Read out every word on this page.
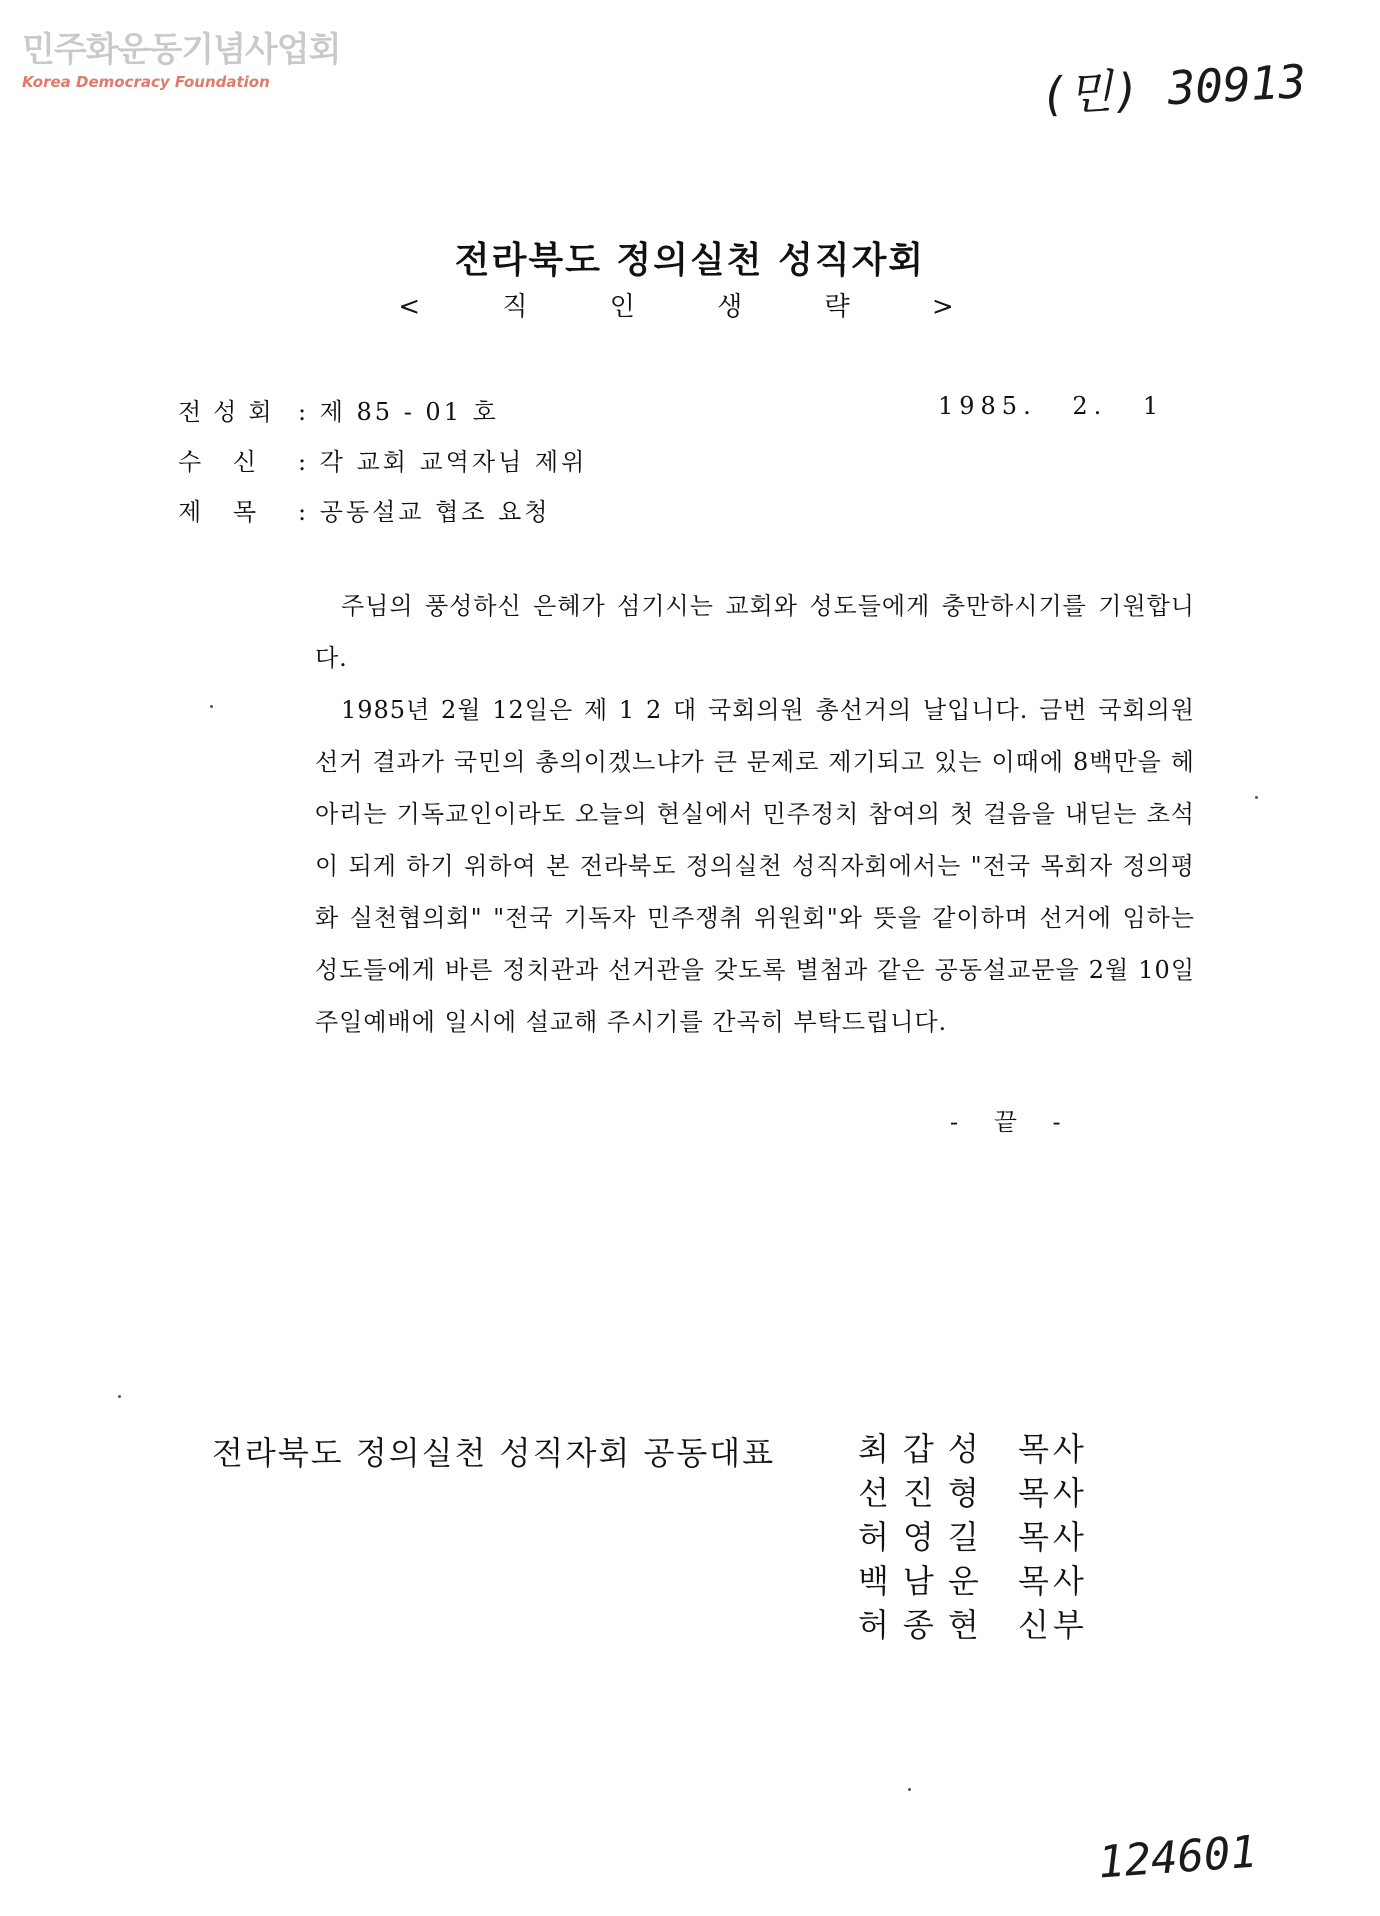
민주화운동기념사업회
Korea Democracy Foundation	(민) 30913
전라북도 정의실천 성직자회
< 직 인 생 략 >
전성회 : 제 85 - 01 호	1985. 2. 1
수 신 : 각 교회 교역자님 제위
제 목 : 공동설교 협조 요청

주님의 풍성하신 은혜가 섬기시는 교회와 성도들에게 충만하시기를 기원합니다.

1985년 2월 12일은 제 1 2 대 국회의원 총선거의 날입니다. 금번 국회의원 선거 결과가 국민의 총의이겠느냐가 큰 문제로 제기되고 있는 이때에 8백만을 헤아리는 기독교인이라도 오늘의 현실에서 민주정치 참여의 첫 걸음을 내딛는 초석이 되게 하기 위하여 본 전라북도 정의실천 성직자회에서는 "전국 목회자 정의평화 실천협의회" "전국 기독자 민주쟁취 위원회"와 뜻을 같이하며 선거에 임하는 성도들에게 바른 정치관과 선거관을 갖도록 별첨과 같은 공동설교문을 2월 10일주일예배에 일시에 설교해 주시기를 간곡히 부탁드립니다.

- 끝 -
전라북도 정의실천 성직자회 공동대표	최갑성 목사
선진형 목사
허영길 목사
백남운 목사
허종현 신부
124601
